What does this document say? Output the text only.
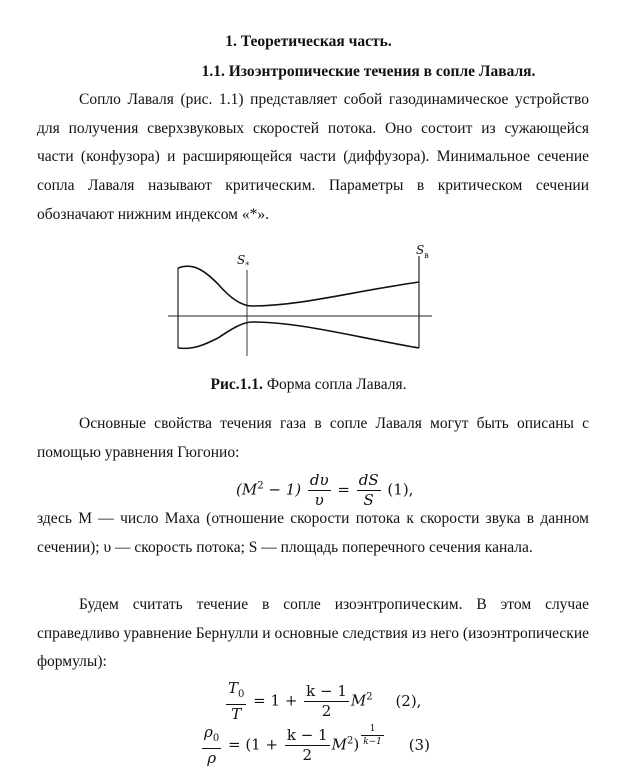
1. Теоретическая часть.
1.1. Изоэнтропические течения в сопле Лаваля.
Сопло Лаваля (рис. 1.1) представляет собой газодинамическое устройство для получения сверхзвуковых скоростей потока. Оно состоит из сужающейся части (конфузора) и расширяющейся части (диффузора). Минимальное сечение сопла Лаваля называют критическим. Параметры в критическом сечении обозначают нижним индексом «*».
$S_*$
$S_в$
Рис.1.1. Форма сопла Лаваля.
Основные свойства течения газа в сопле Лаваля могут быть описаны с помощью уравнения Гюгонио:
$(M^2 - 1) \frac{d\upsilon}{\upsilon} = \frac{dS}{S} (1)$,
здесь M — число Маха (отношение скорости потока к скорости звука в данном сечении); υ — скорость потока; S — площадь поперечного сечения канала.
Будем считать течение в сопле изоэнтропическим. В этом случае справедливо уравнение Бернулли и основные следствия из него (изоэнтропические формулы):
$\frac{T_0}{T} = 1 + \frac{k - 1}{2} M^2$ (2),
$\frac{\rho_0}{\rho} = (1 + \frac{k - 1}{2} M^2)$ $^{\frac{1}{k-1}}$ (3)
